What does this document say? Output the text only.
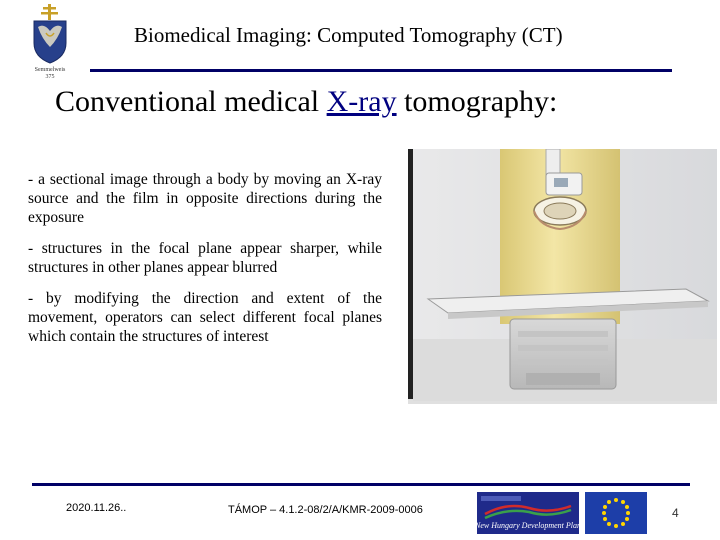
Semmelweis
375
Biomedical Imaging: Computed Tomography (CT)
Conventional medical X-ray tomography:

- a sectional image through a body by moving an X-ray source and the film in opposite directions during the exposure

- structures in the focal plane appear sharper, while structures in other planes appear blurred

- by modifying the direction and extent of the movement, operators can select different focal planes which contain the structures of interest

2020.11.26..	TÁMOP – 4.1.2-08/2/A/KMR-2009-0006
New Hungary Development Plan
4
